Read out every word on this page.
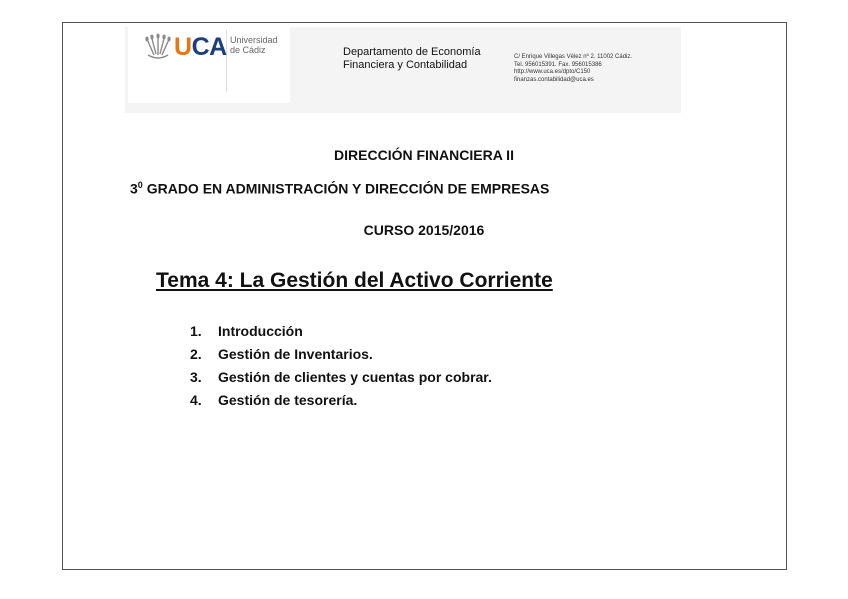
UCA Universidad
de Cádiz	Departamento de Economía
Financiera y Contabilidad
C/ Enrique Villegas Vélez nº 2. 11002 Cádiz.
Tel. 956015391. Fax. 956015386
http://www.uca.es/dpto/C150
finanzas.contabilidad@uca.es
DIRECCIÓN FINANCIERA II
$3^0$ GRADO EN ADMINISTRACIÓN Y DIRECCIÓN DE EMPRESAS
CURSO 2015/2016
Tema 4: La Gestión del Activo Corriente
1. Introducción
2. Gestión de Inventarios.
3. Gestión de clientes y cuentas por cobrar.
4. Gestión de tesorería.
